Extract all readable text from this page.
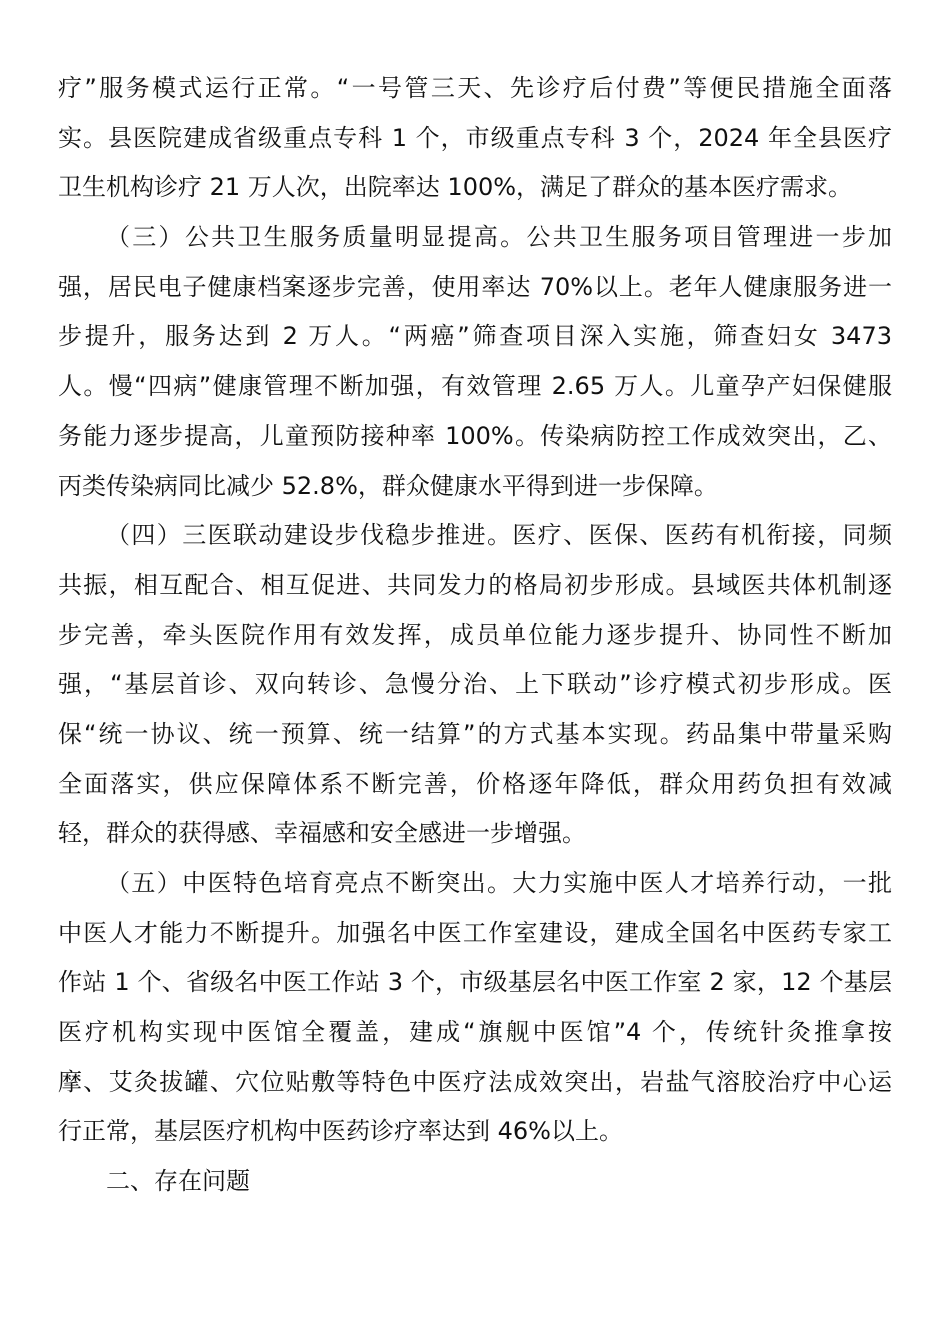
疗”服务模式运行正常。“一号管三天、先诊疗后付费”等便民措施全面落
实。县医院建成省级重点专科 1 个，市级重点专科 3 个，2024 年全县医疗
卫生机构诊疗 21 万人次，出院率达 100%，满足了群众的基本医疗需求。
（三）公共卫生服务质量明显提高。公共卫生服务项目管理进一步加
强，居民电子健康档案逐步完善，使用率达 70%以上。老年人健康服务进一
步提升，服务达到 2 万人。“两癌”筛查项目深入实施，筛查妇女 3473
人。慢“四病”健康管理不断加强，有效管理 2.65 万人。儿童孕产妇保健服
务能力逐步提高，儿童预防接种率 100%。传染病防控工作成效突出，乙、
丙类传染病同比减少 52.8%，群众健康水平得到进一步保障。
（四）三医联动建设步伐稳步推进。医疗、医保、医药有机衔接，同频
共振，相互配合、相互促进、共同发力的格局初步形成。县域医共体机制逐
步完善，牵头医院作用有效发挥，成员单位能力逐步提升、协同性不断加
强，“基层首诊、双向转诊、急慢分治、上下联动”诊疗模式初步形成。医
保“统一协议、统一预算、统一结算”的方式基本实现。药品集中带量采购
全面落实，供应保障体系不断完善，价格逐年降低，群众用药负担有效减
轻，群众的获得感、幸福感和安全感进一步增强。
（五）中医特色培育亮点不断突出。大力实施中医人才培养行动，一批
中医人才能力不断提升。加强名中医工作室建设，建成全国名中医药专家工
作站 1 个、省级名中医工作站 3 个，市级基层名中医工作室 2 家，12 个基层
医疗机构实现中医馆全覆盖，建成“旗舰中医馆”4 个，传统针灸推拿按
摩、艾灸拔罐、穴位贴敷等特色中医疗法成效突出，岩盐气溶胶治疗中心运
行正常，基层医疗机构中医药诊疗率达到 46%以上。
二、存在问题
